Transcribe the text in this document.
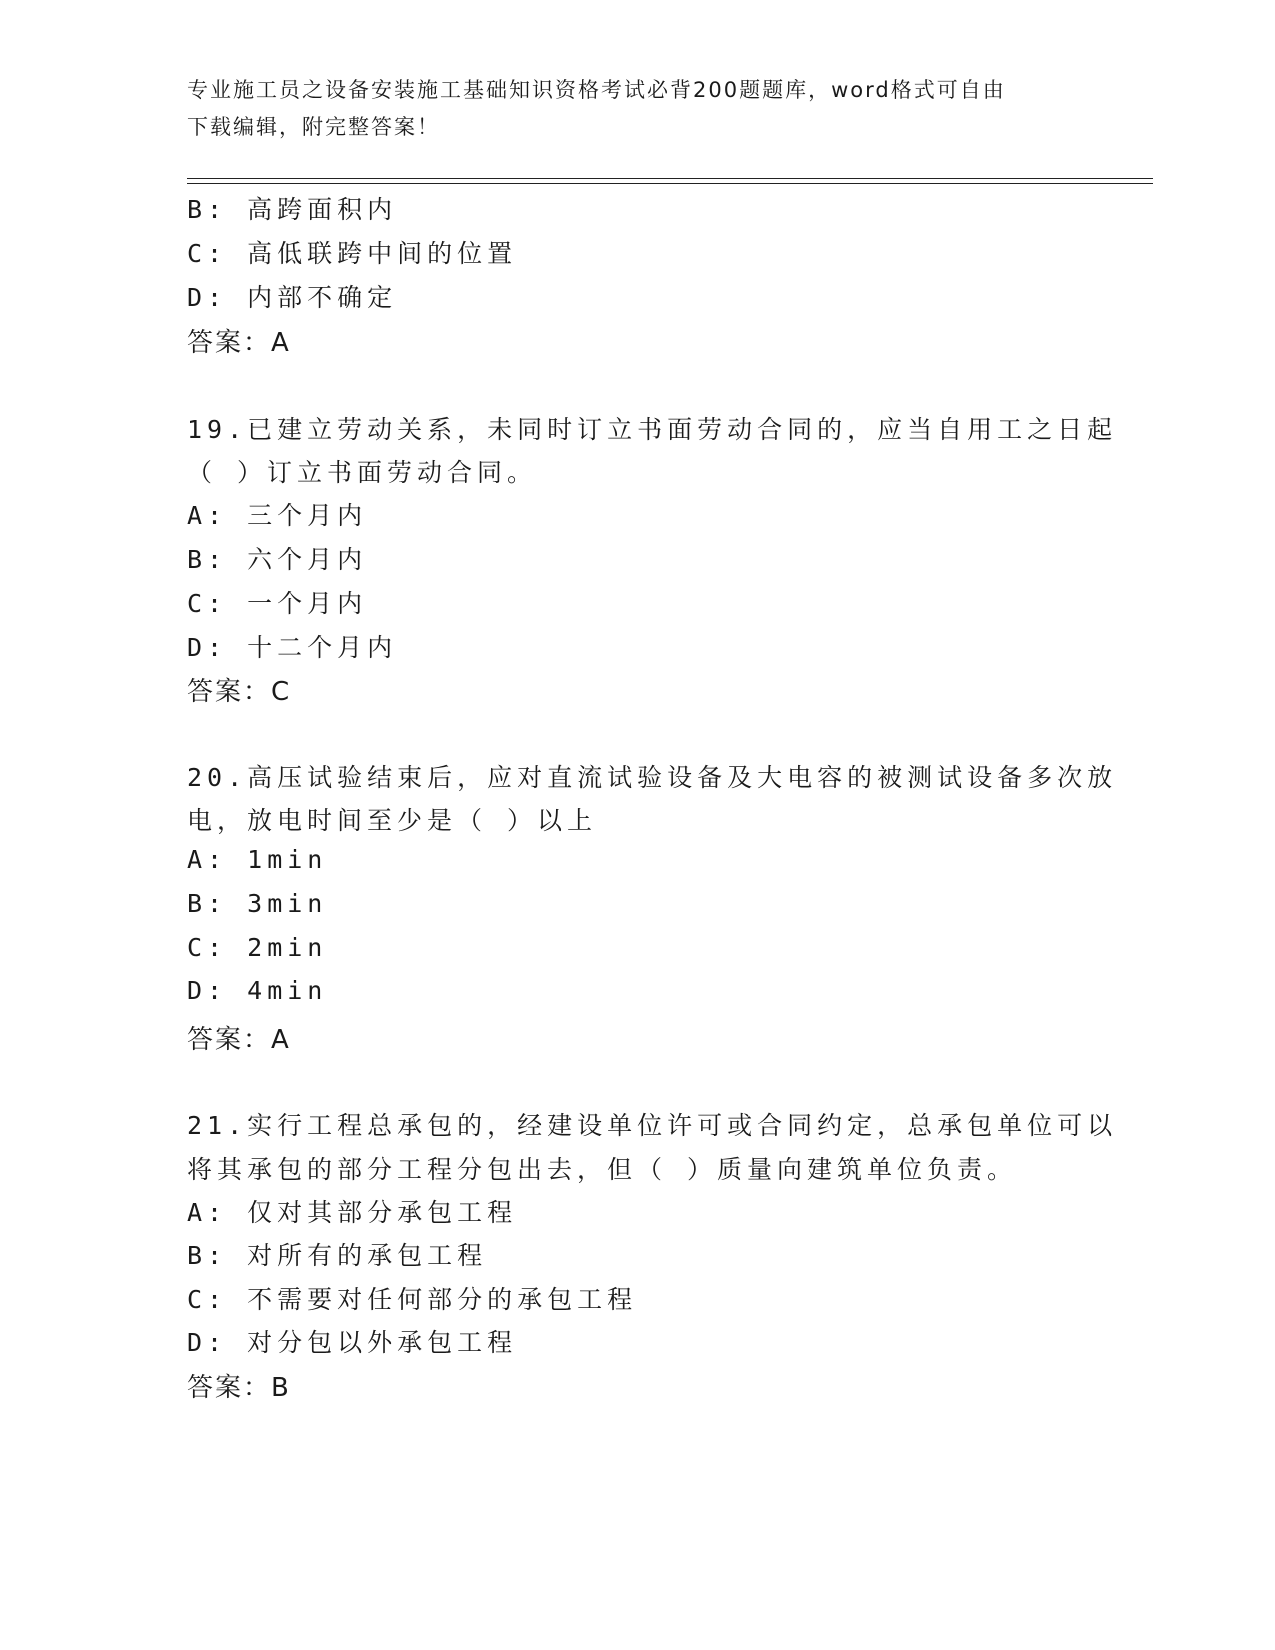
专业施工员之设备安装施工基础知识资格考试必背200题题库，word格式可自由
下载编辑，附完整答案！
B: 高跨面积内
C: 高低联跨中间的位置
D: 内部不确定
答案：A
19.已建立劳动关系，未同时订立书面劳动合同的，应当自用工之日起
（ ）订立书面劳动合同。
A: 三个月内
B: 六个月内
C: 一个月内
D: 十二个月内
答案：C
20.高压试验结束后，应对直流试验设备及大电容的被测试设备多次放
电，放电时间至少是（ ）以上
A: 1min
B: 3min
C: 2min
D: 4min
答案：A
21.实行工程总承包的，经建设单位许可或合同约定，总承包单位可以
将其承包的部分工程分包出去，但（ ）质量向建筑单位负责。
A: 仅对其部分承包工程
B: 对所有的承包工程
C: 不需要对任何部分的承包工程
D: 对分包以外承包工程
答案：B
